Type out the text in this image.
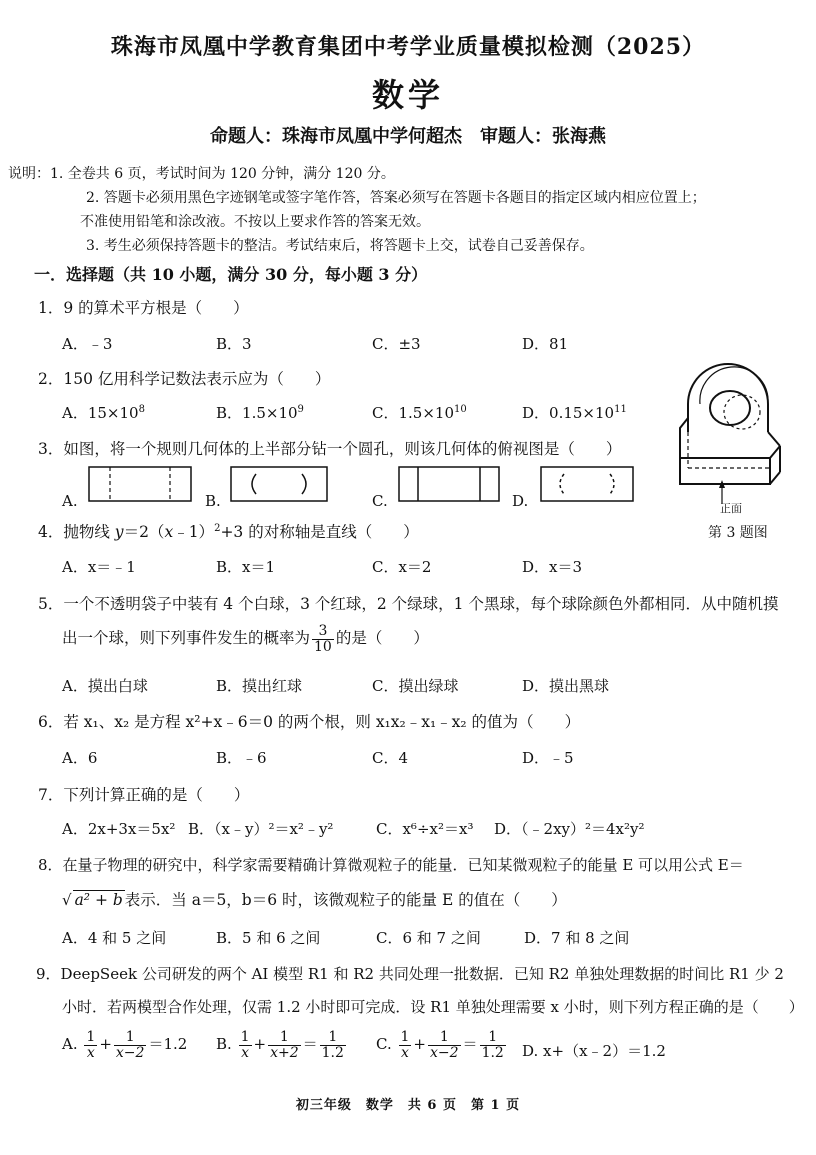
珠海市凤凰中学教育集团中考学业质量模拟检测（2025）
数学
命题人：珠海市凤凰中学何超杰　审题人：张海燕
说明：1. 全卷共 6 页，考试时间为 120 分钟，满分 120 分。
2. 答题卡必须用黑色字迹钢笔或签字笔作答，答案必须写在答题卡各题目的指定区域内相应位置上；
不准使用铅笔和涂改液。不按以上要求作答的答案无效。
3. 考生必须保持答题卡的整洁。考试结束后，将答题卡上交，试卷自己妥善保存。
一．选择题（共 10 小题，满分 30 分，每小题 3 分）
1．9 的算术平方根是（　　）
A．﹣3	B．3	C．±3	D．81
2．150 亿用科学记数法表示应为（　　）
A．$15\times 10^8$	B．$1.5\times 10^9$	C．$1.5\times 10^{10}$	D．$0.15\times 10^{11}$
3．如图，将一个规则几何体的上半部分钻一个圆孔，则该几何体的俯视图是（　　）
A.	B.	C.	D.	正面
第 3 题图
4．抛物线 y＝2（x﹣1）$^2$+3 的对称轴是直线（　　）
A．x＝﹣1	B．x＝1	C．x＝2	D．x＝3
5．一个不透明袋子中装有 4 个白球，3 个红球，2 个绿球，1 个黑球，每个球除颜色外都相同．从中随机摸
出一个球，则下列事件发生的概率为 $\frac{3}{10}$ 的是（　　）
A．摸出白球	B．摸出红球	C．摸出绿球	D．摸出黑球
6．若 x₁、x₂ 是方程 x²+x﹣6＝0 的两个根，则 x₁x₂﹣x₁﹣x₂ 的值为（　　）
A．6	B．﹣6	C．4	D．﹣5
7．下列计算正确的是（　　）
A．2x+3x＝5x² B．（x﹣y）²＝x²﹣y²	C．x⁶÷x²＝x³ D．（﹣2xy）²＝4x²y²
8．在量子物理的研究中，科学家需要精确计算微观粒子的能量．已知某微观粒子的能量 E 可以用公式 E＝
√ a² + b 表示．当 a＝5，b＝6 时，该微观粒子的能量 E 的值在（　　）
A．4 和 5 之间	B．5 和 6 之间	C．6 和 7 之间	D．7 和 8 之间
9．DeepSeek 公司研发的两个 AI 模型 R1 和 R2 共同处理一批数据．已知 R2 单独处理数据的时间比 R1 少 2
小时．若两模型合作处理，仅需 1.2 小时即可完成．设 R1 单独处理需要 x 小时，则下列方程正确的是（　　）
A. $\frac{1}{x} + \frac{1}{x-2} =1.2$ B. $\frac{1}{x} + \frac{1}{x+2} = \frac{1}{1.2} C$. $\frac{1}{x} + \frac{1}{x-2} = \frac{1}{1.2} D$. x+（x﹣2）＝1.2
初三年级　数学　共 6 页　第 1 页
